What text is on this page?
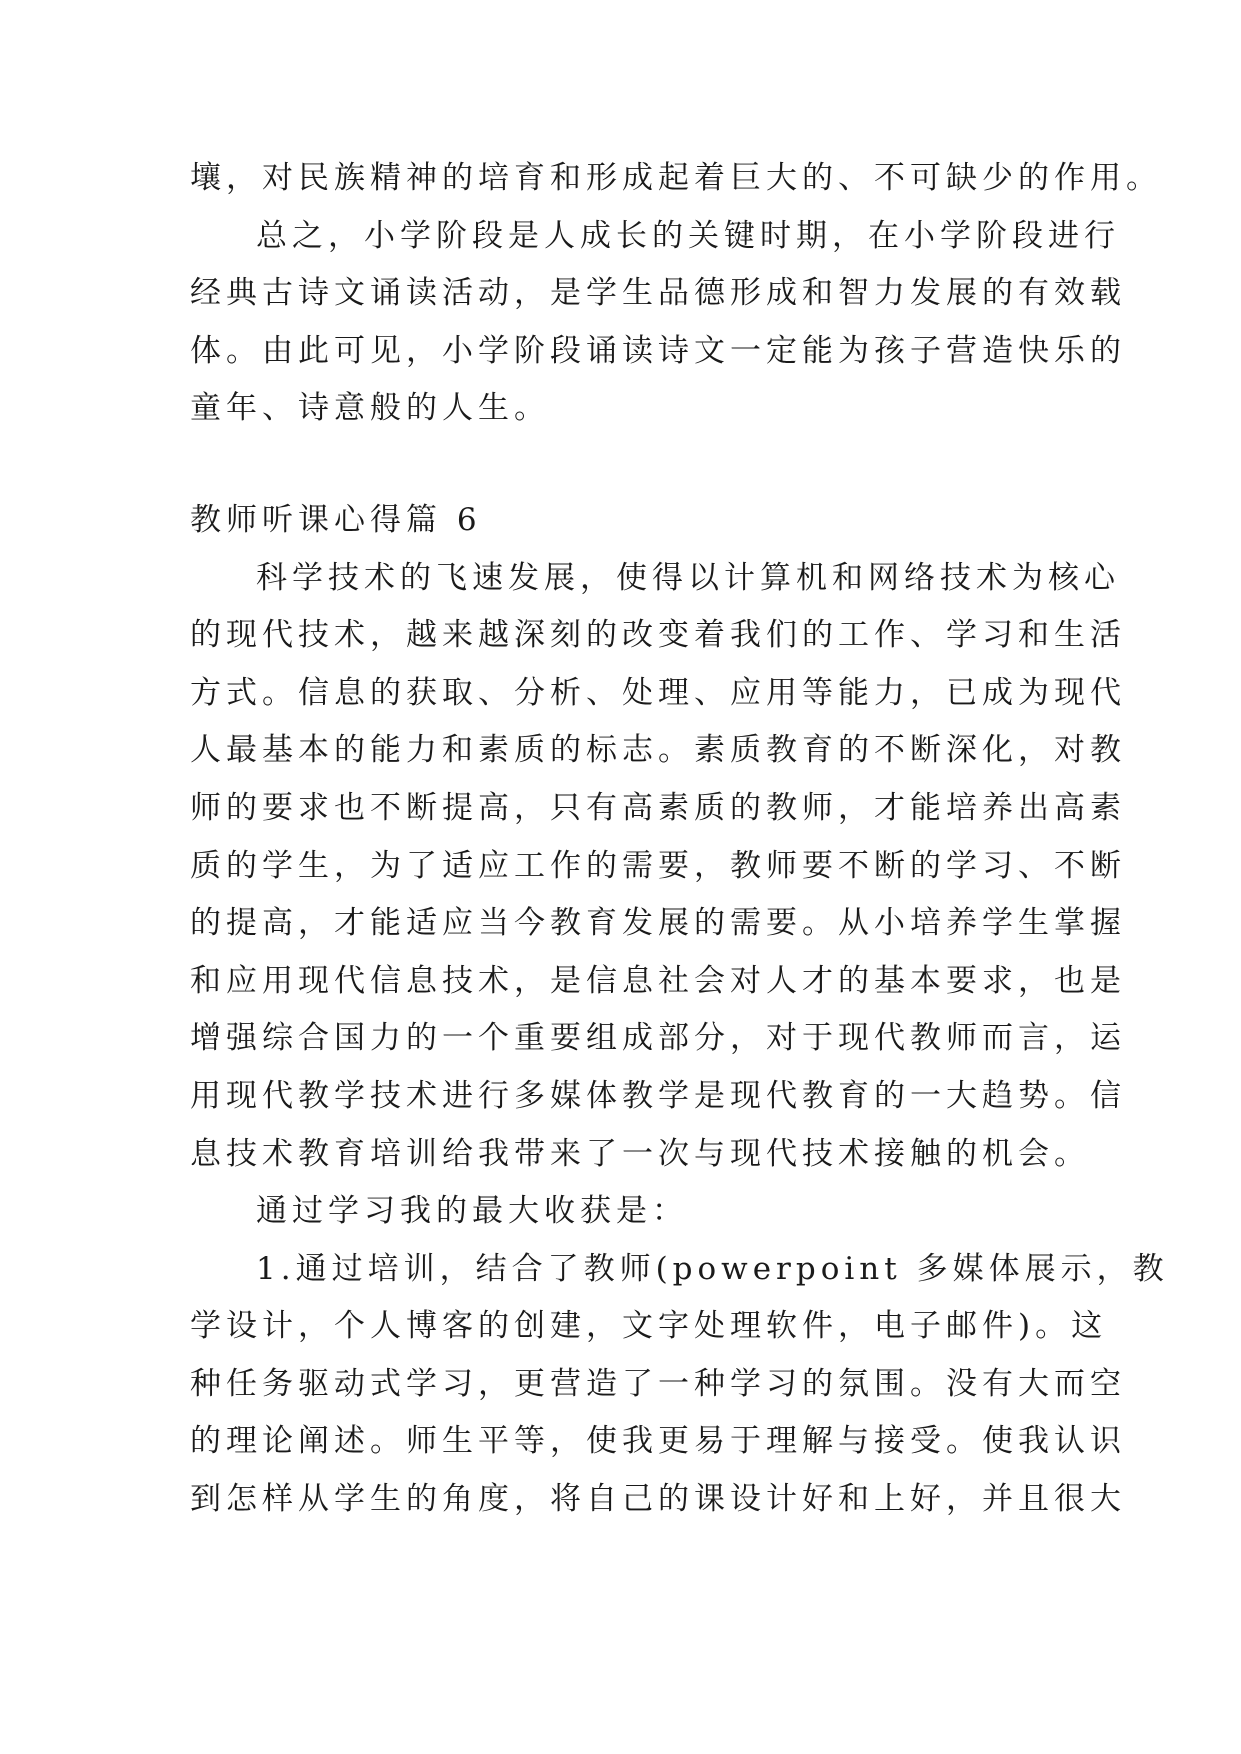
壤，对民族精神的培育和形成起着巨大的、不可缺少的作用。
总之，小学阶段是人成长的关键时期，在小学阶段进行
经典古诗文诵读活动，是学生品德形成和智力发展的有效载
体。由此可见，小学阶段诵读诗文一定能为孩子营造快乐的
童年、诗意般的人生。
教师听课心得篇 6
科学技术的飞速发展，使得以计算机和网络技术为核心
的现代技术，越来越深刻的改变着我们的工作、学习和生活
方式。信息的获取、分析、处理、应用等能力，已成为现代
人最基本的能力和素质的标志。素质教育的不断深化，对教
师的要求也不断提高，只有高素质的教师，才能培养出高素
质的学生，为了适应工作的需要，教师要不断的学习、不断
的提高，才能适应当今教育发展的需要。从小培养学生掌握
和应用现代信息技术，是信息社会对人才的基本要求，也是
增强综合国力的一个重要组成部分，对于现代教师而言，运
用现代教学技术进行多媒体教学是现代教育的一大趋势。信
息技术教育培训给我带来了一次与现代技术接触的机会。
通过学习我的最大收获是：
1.通过培训，结合了教师(powerpoint 多媒体展示，教
学设计，个人博客的创建，文字处理软件，电子邮件)。这
种任务驱动式学习，更营造了一种学习的氛围。没有大而空
的理论阐述。师生平等，使我更易于理解与接受。使我认识
到怎样从学生的角度，将自己的课设计好和上好，并且很大
